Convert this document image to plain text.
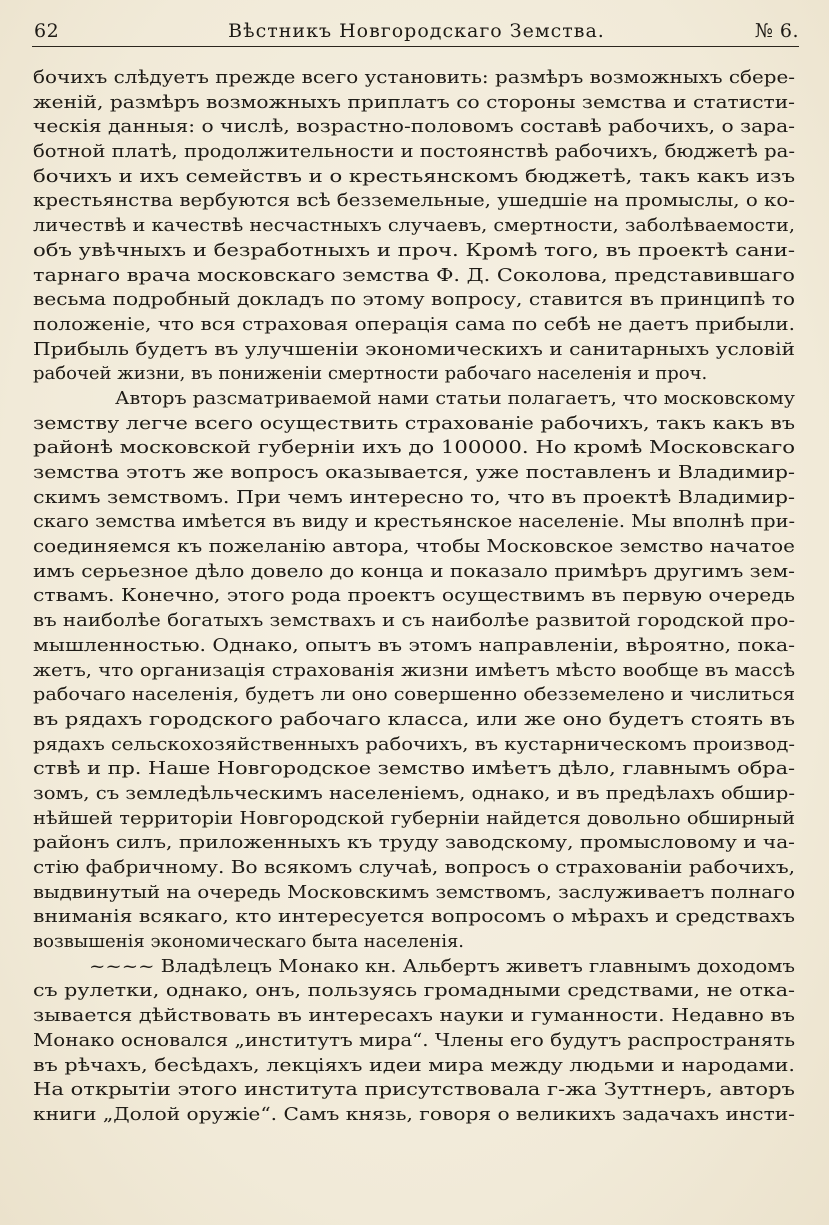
62	Вѣстникъ Новгородскаго Земства.	№ 6.
бочихъ слѣдуетъ прежде всего установить: размѣръ возможныхъ сбере-
женій, размѣръ возможныхъ приплатъ со стороны земства и статисти-
ческія данныя: о числѣ, возрастно-половомъ составѣ рабочихъ, о зара-
ботной платѣ, продолжительности и постоянствѣ рабочихъ, бюджетѣ ра-
бочихъ и ихъ семействъ и о крестьянскомъ бюджетѣ, такъ какъ изъ
крестьянства вербуются всѣ безземельные, ушедшіе на промыслы, о ко-
личествѣ и качествѣ несчастныхъ случаевъ, смертности, заболѣваемости,
объ увѣчныхъ и безработныхъ и проч. Кромѣ того, въ проектѣ сани-
тарнаго врача московскаго земства Ф. Д. Соколова, представившаго
весьма подробный докладъ по этому вопросу, ставится въ принципѣ то
положеніе, что вся страховая операція сама по себѣ не даетъ прибыли.
Прибыль будетъ въ улучшеніи экономическихъ и санитарныхъ условій
рабочей жизни, въ пониженіи смертности рабочаго населенія и проч.
Авторъ разсматриваемой нами статьи полагаетъ, что московскому
земству легче всего осуществить страхованіе рабочихъ, такъ какъ въ
районѣ московской губерніи ихъ до 100000. Но кромѣ Московскаго
земства этотъ же вопросъ оказывается, уже поставленъ и Владимир-
скимъ земствомъ. При чемъ интересно то, что въ проектѣ Владимир-
скаго земства имѣется въ виду и крестьянское населеніе. Мы вполнѣ при-
соединяемся къ пожеланію автора, чтобы Московское земство начатое
имъ серьезное дѣло довело до конца и показало примѣръ другимъ зем-
ствамъ. Конечно, этого рода проектъ осуществимъ въ первую очередь
въ наиболѣе богатыхъ земствахъ и съ наиболѣе развитой городской про-
мышленностью. Однако, опытъ въ этомъ направленіи, вѣроятно, пока-
жетъ, что организація страхованія жизни имѣетъ мѣсто вообще въ массѣ
рабочаго населенія, будетъ ли оно совершенно обезземелено и числиться
въ рядахъ городского рабочаго класса, или же оно будетъ стоять въ
рядахъ сельскохозяйственныхъ рабочихъ, въ кустарническомъ производ-
ствѣ и пр. Наше Новгородское земство имѣетъ дѣло, главнымъ обра-
зомъ, съ земледѣльческимъ населеніемъ, однако, и въ предѣлахъ обшир-
нѣйшей территоріи Новгородской губерніи найдется довольно обширный
районъ силъ, приложенныхъ къ труду заводскому, промысловому и ча-
стію фабричному. Во всякомъ случаѣ, вопросъ о страхованіи рабочихъ,
выдвинутый на очередь Московскимъ земствомъ, заслуживаетъ полнаго
вниманія всякаго, кто интересуется вопросомъ о мѣрахъ и средствахъ
возвышенія экономическаго быта населенія.
~~~~ Владѣлецъ Монако кн. Альбертъ живетъ главнымъ доходомъ
съ рулетки, однако, онъ, пользуясь громадными средствами, не отка-
зывается дѣйствовать въ интересахъ науки и гуманности. Недавно въ
Монако основался „институтъ мира“. Члены его будутъ распространять
въ рѣчахъ, бесѣдахъ, лекціяхъ идеи мира между людьми и народами.
На открытіи этого института присутствовала г-жа Зуттнеръ, авторъ
книги „Долой оружіе“. Самъ князь, говоря о великихъ задачахъ инсти-
